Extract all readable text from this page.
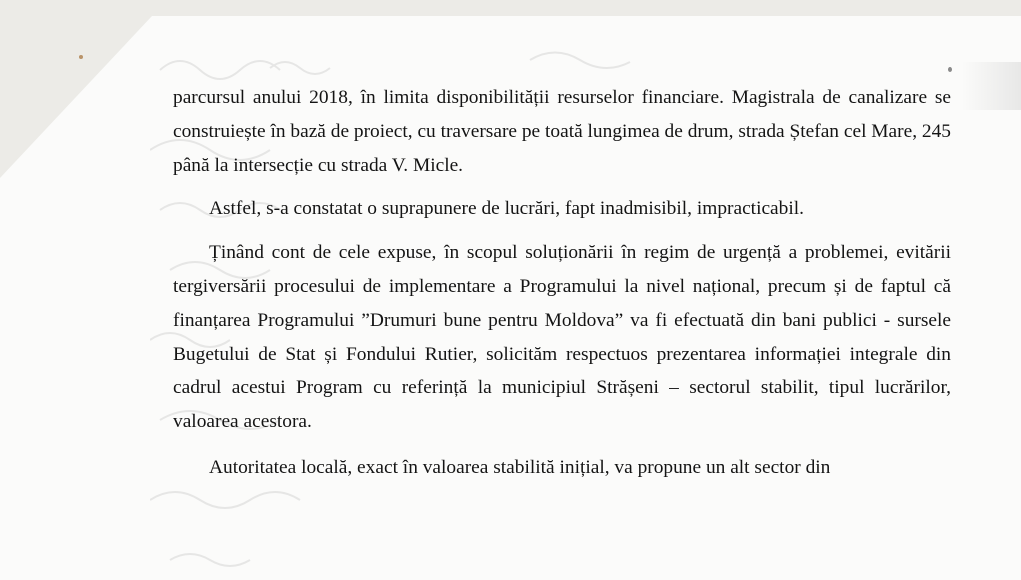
parcursul anului 2018, în limita disponibilității resurselor financiare. Magistrala de canalizare se construiește în bază de proiect, cu traversare pe toată lungimea de drum, strada Ștefan cel Mare, 245 până la intersecție cu strada V. Micle.

Astfel, s-a constatat o suprapunere de lucrări, fapt inadmisibil, impracticabil.

Ținând cont de cele expuse, în scopul soluționării în regim de urgență a problemei, evitării tergiversării procesului de implementare a Programului la nivel național, precum și de faptul că finanțarea Programului ”Drumuri bune pentru Moldova” va fi efectuată din bani publici - sursele Bugetului de Stat și Fondului Rutier, solicităm respectuos prezentarea informației integrale din cadrul acestui Program cu referință la municipiul Strășeni – sectorul stabilit, tipul lucrărilor, valoarea acestora.

Autoritatea locală, exact în valoarea stabilită inițial, va propune un alt sector din
